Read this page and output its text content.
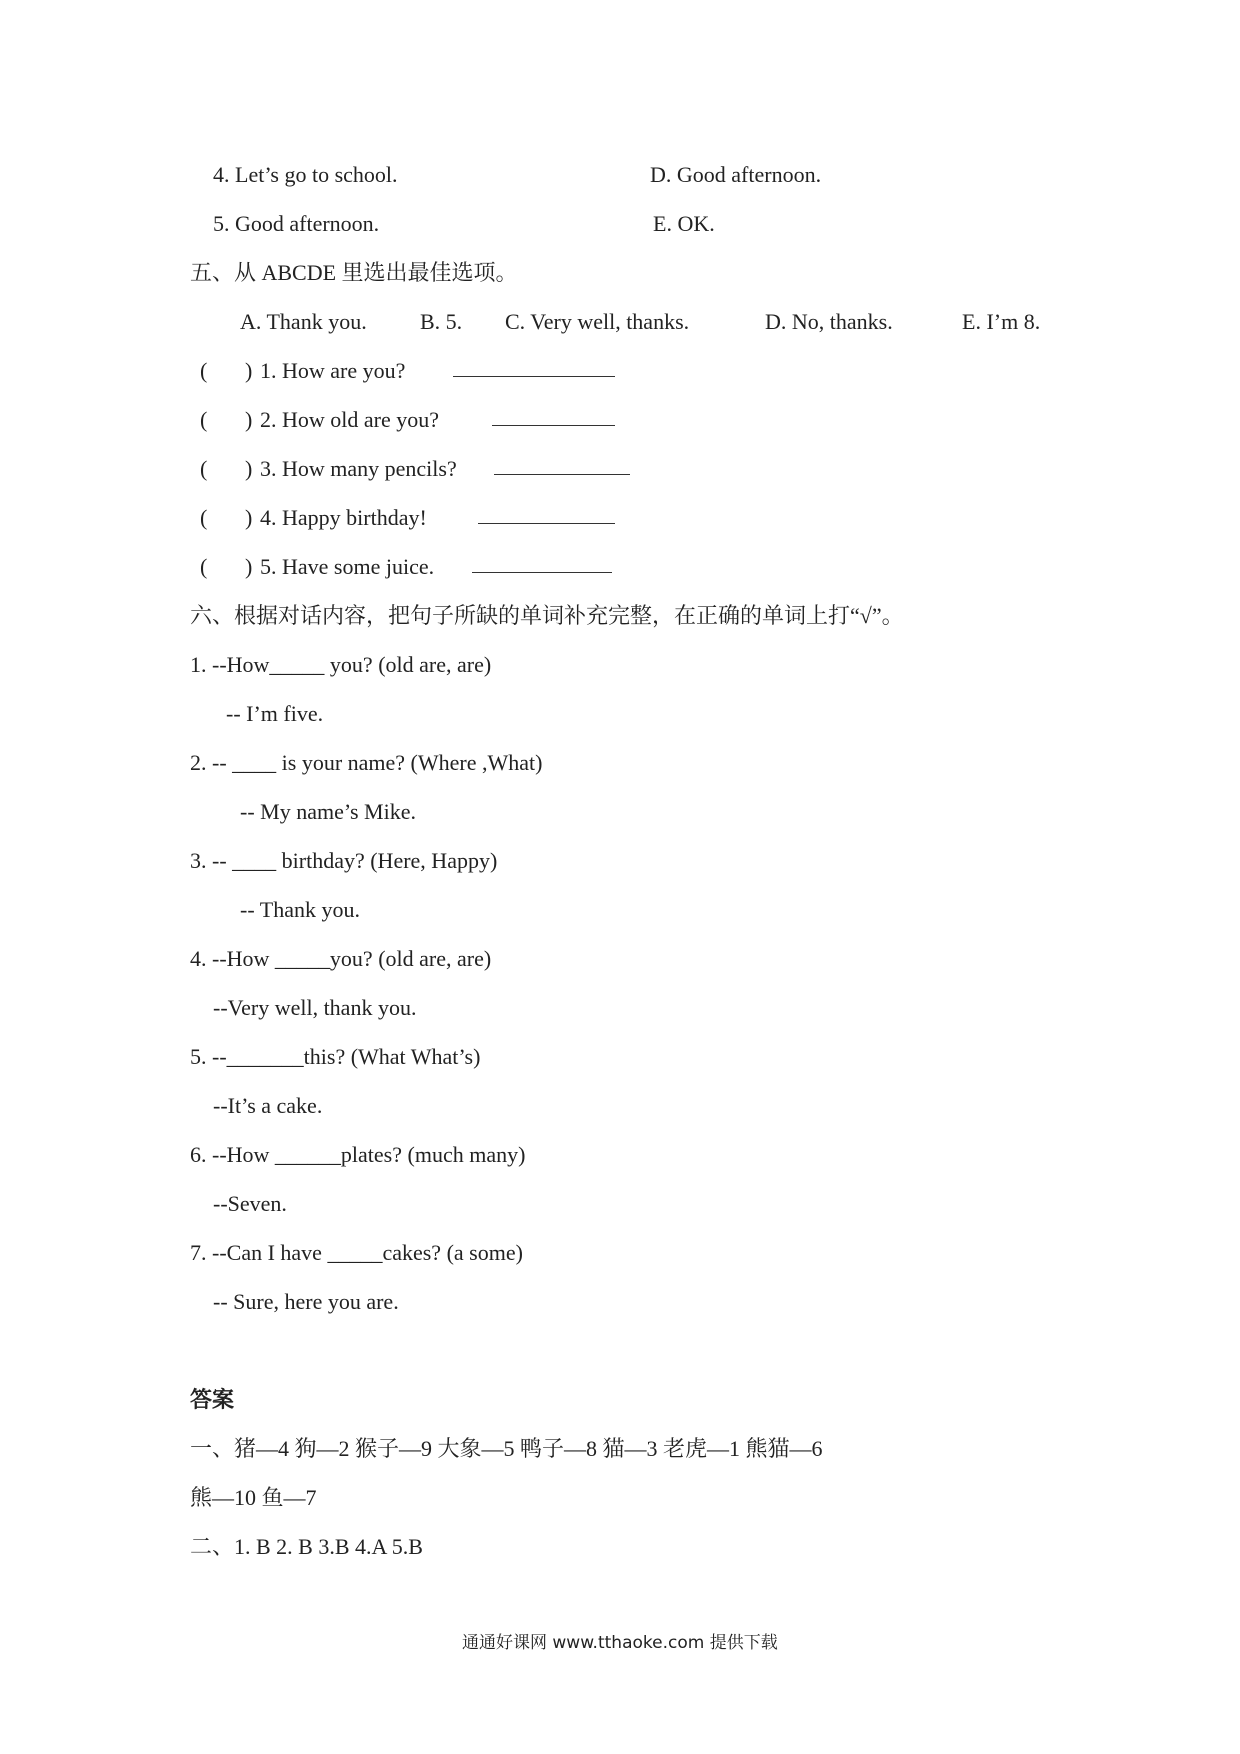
4. Let’s go to school.	D. Good afternoon.
5. Good afternoon.	E. OK.
五、从 ABCDE 里选出最佳选项。
A. Thank you. B. 5. C. Very well, thanks.	D. No, thanks.	E. I’m 8.
( ) 1. How are you?
( ) 2. How old are you?
( ) 3. How many pencils?
( ) 4. Happy birthday!
( ) 5. Have some juice.
六、根据对话内容，把句子所缺的单词补充完整，在正确的单词上打“√”。
1. --How_____ you? (old are, are)
-- I’m five.
2. -- ____ is your name? (Where ,What)
-- My name’s Mike.
3. -- ____ birthday? (Here, Happy)
-- Thank you.
4. --How _____you? (old are, are)
--Very well, thank you.
5. --_______this? (What What’s)
--It’s a cake.
6. --How ______plates? (much many)
--Seven.
7. --Can I have _____cakes? (a some)
-- Sure, here you are.
答案
一、猪—4 狗—2 猴子—9 大象—5 鸭子—8 猫—3 老虎—1 熊猫—6
熊—10 鱼—7
二、1. B 2. B 3.B 4.A 5.B
通通好课网 www.tthaoke.com 提供下载
